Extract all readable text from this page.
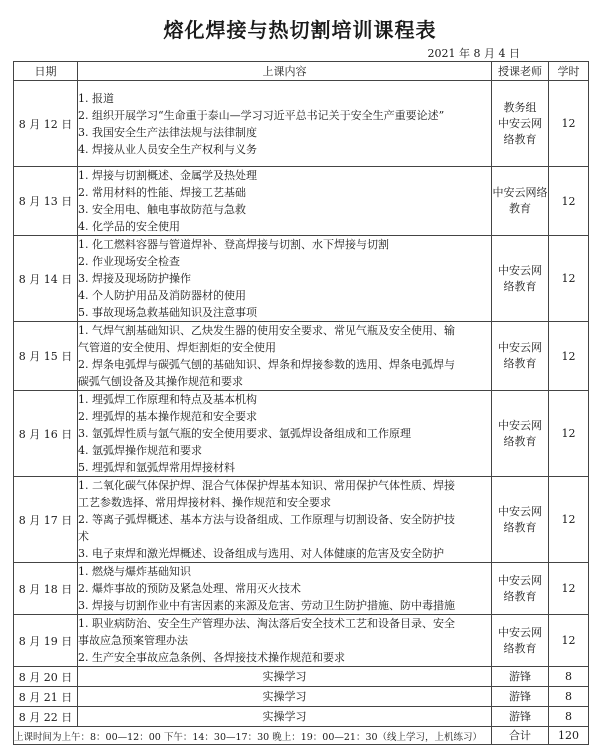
熔化焊接与热切割培训课程表
2021 年 8 月 4 日
日期	上课内容	授课老师	学时
8 月 12 日	1. 报道
2. 组织开展学习“生命重于泰山—学习习近平总书记关于安全生产重要论述”
3. 我国安全生产法律法规与法律制度
4. 焊接从业人员安全生产权利与义务	教务组
中安云网
络教育	12
8 月 13 日	1. 焊接与切割概述、金属学及热处理
2. 常用材料的性能、焊接工艺基础
3. 安全用电、触电事故防范与急救
4. 化学品的安全使用	中安云网络教育	12
8 月 14 日	1. 化工燃料容器与管道焊补、登高焊接与切割、水下焊接与切割
2. 作业现场安全检查
3. 焊接及现场防护操作
4. 个人防护用品及消防器材的使用
5. 事故现场急救基础知识及注意事项	中安云网
络教育	12
8 月 15 日	1. 气焊气割基础知识、乙炔发生器的使用安全要求、常见气瓶及安全使用、输
气管道的安全使用、焊炬割炬的安全使用
2. 焊条电弧焊与碳弧气刨的基础知识、焊条和焊接参数的选用、焊条电弧焊与
碳弧气刨设备及其操作规范和要求	中安云网
络教育	12
8 月 16 日	1. 埋弧焊工作原理和特点及基本机构
2. 埋弧焊的基本操作规范和安全要求
3. 氩弧焊性质与氩气瓶的安全使用要求、氩弧焊设备组成和工作原理
4. 氩弧焊操作规范和要求
5. 埋弧焊和氩弧焊常用焊接材料	中安云网
络教育	12
8 月 17 日	1. 二氧化碳气体保护焊、混合气体保护焊基本知识、常用保护气体性质、焊接
工艺参数选择、常用焊接材料、操作规范和安全要求
2. 等离子弧焊概述、基本方法与设备组成、工作原理与切割设备、安全防护技
术
3. 电子束焊和激光焊概述、设备组成与选用、对人体健康的危害及安全防护	中安云网
络教育	12
8 月 18 日	1. 燃烧与爆炸基础知识
2. 爆炸事故的预防及紧急处理、常用灭火技术
3. 焊接与切割作业中有害因素的来源及危害、劳动卫生防护措施、防中毒措施	中安云网
络教育	12
8 月 19 日	1. 职业病防治、安全生产管理办法、淘汰落后安全技术工艺和设备目录、安全
事故应急预案管理办法
2. 生产安全事故应急条例、各焊接技术操作规范和要求	中安云网
络教育	12
8 月 20 日	实操学习	游锋	8
8 月 21 日	实操学习	游锋	8
8 月 22 日	实操学习	游锋	8
上课时间为上午：8：00—12：00 下午：14：30—17：30 晚上：19：00—21：30（线上学习，上机练习）		合计	120
